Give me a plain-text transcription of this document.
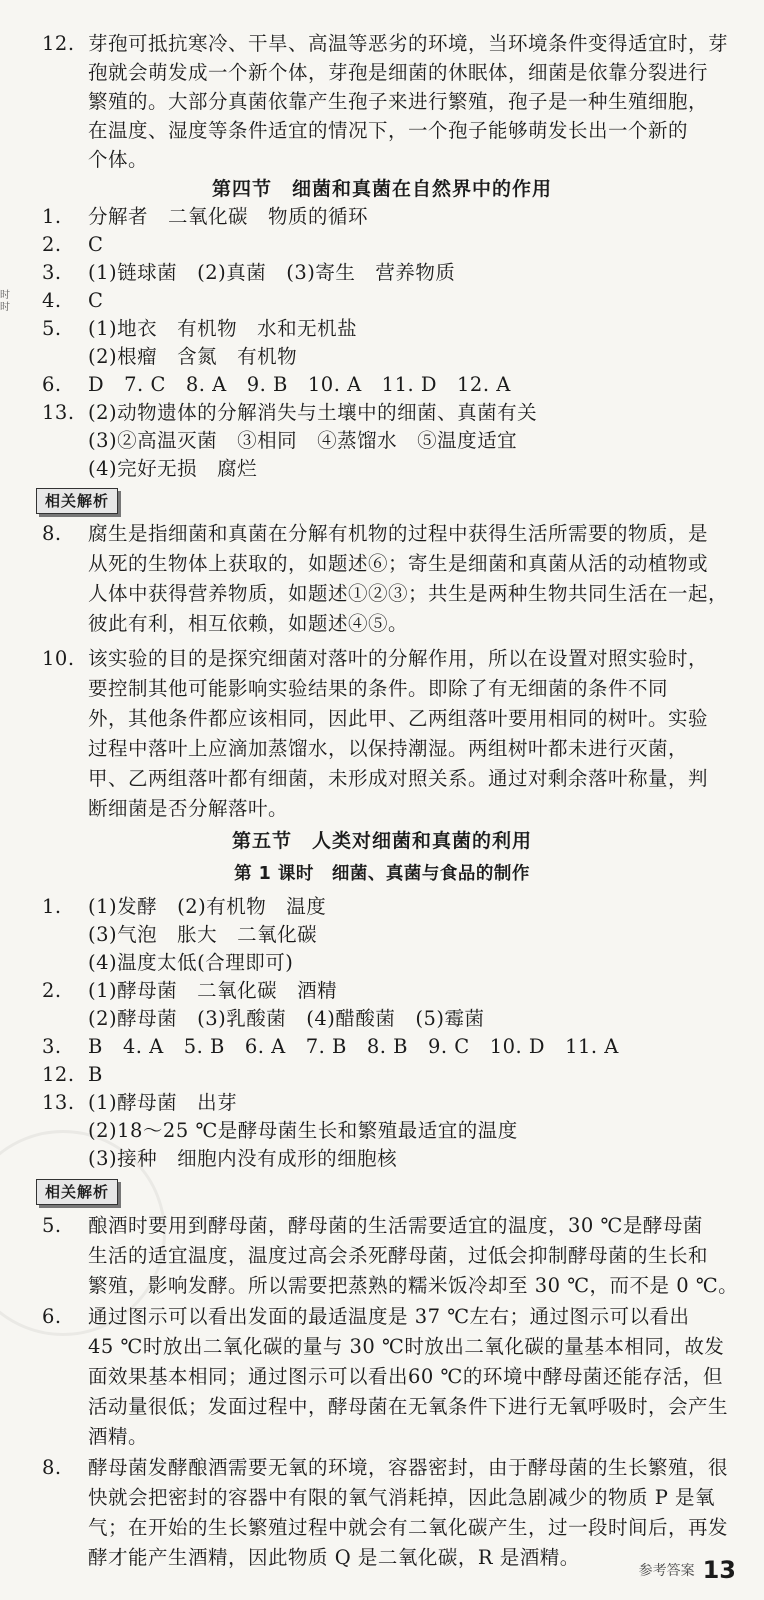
时
时
12. 芽孢可抵抗寒冷、干旱、高温等恶劣的环境，当环境条件变得适宜时，芽
孢就会萌发成一个新个体，芽孢是细菌的休眠体，细菌是依靠分裂进行
繁殖的。大部分真菌依靠产生孢子来进行繁殖，孢子是一种生殖细胞，
在温度、湿度等条件适宜的情况下，一个孢子能够萌发长出一个新的
个体。
第四节　细菌和真菌在自然界中的作用
1. 分解者　二氧化碳　物质的循环
2. C
3. (1)链球菌　(2)真菌　(3)寄生　营养物质
4. C
5. (1)地衣　有机物　水和无机盐
(2)根瘤　含氮　有机物
6. D　7. C　8. A　9. B　10. A　11. D　12. A
13. (2)动物遗体的分解消失与土壤中的细菌、真菌有关
(3)②高温灭菌　③相同　④蒸馏水　⑤温度适宜
(4)完好无损　腐烂
相关解析
8. 腐生是指细菌和真菌在分解有机物的过程中获得生活所需要的物质，是
从死的生物体上获取的，如题述⑥；寄生是细菌和真菌从活的动植物或
人体中获得营养物质，如题述①②③；共生是两种生物共同生活在一起，
彼此有利，相互依赖，如题述④⑤。
10. 该实验的目的是探究细菌对落叶的分解作用，所以在设置对照实验时，
要控制其他可能影响实验结果的条件。即除了有无细菌的条件不同
外，其他条件都应该相同，因此甲、乙两组落叶要用相同的树叶。实验
过程中落叶上应滴加蒸馏水，以保持潮湿。两组树叶都未进行灭菌，
甲、乙两组落叶都有细菌，未形成对照关系。通过对剩余落叶称量，判
断细菌是否分解落叶。
第五节　人类对细菌和真菌的利用
第 1 课时　细菌、真菌与食品的制作
1. (1)发酵　(2)有机物　温度
(3)气泡　胀大　二氧化碳
(4)温度太低(合理即可)
2. (1)酵母菌　二氧化碳　酒精
(2)酵母菌　(3)乳酸菌　(4)醋酸菌　(5)霉菌
3. B　4. A　5. B　6. A　7. B　8. B　9. C　10. D　11. A
12. B
13. (1)酵母菌　出芽
(2)18～25 ℃是酵母菌生长和繁殖最适宜的温度
(3)接种　细胞内没有成形的细胞核
相关解析
5. 酿酒时要用到酵母菌，酵母菌的生活需要适宜的温度，30 ℃是酵母菌
生活的适宜温度，温度过高会杀死酵母菌，过低会抑制酵母菌的生长和
繁殖，影响发酵。所以需要把蒸熟的糯米饭冷却至 30 ℃，而不是 0 ℃。
6. 通过图示可以看出发面的最适温度是 37 ℃左右；通过图示可以看出
45 ℃时放出二氧化碳的量与 30 ℃时放出二氧化碳的量基本相同，故发
面效果基本相同；通过图示可以看出60 ℃的环境中酵母菌还能存活，但
活动量很低；发面过程中，酵母菌在无氧条件下进行无氧呼吸时，会产生
酒精。
8. 酵母菌发酵酿酒需要无氧的环境，容器密封，由于酵母菌的生长繁殖，很
快就会把密封的容器中有限的氧气消耗掉，因此急剧减少的物质 P 是氧
气；在开始的生长繁殖过程中就会有二氧化碳产生，过一段时间后，再发
酵才能产生酒精，因此物质 Q 是二氧化碳，R 是酒精。
参考答案 13
